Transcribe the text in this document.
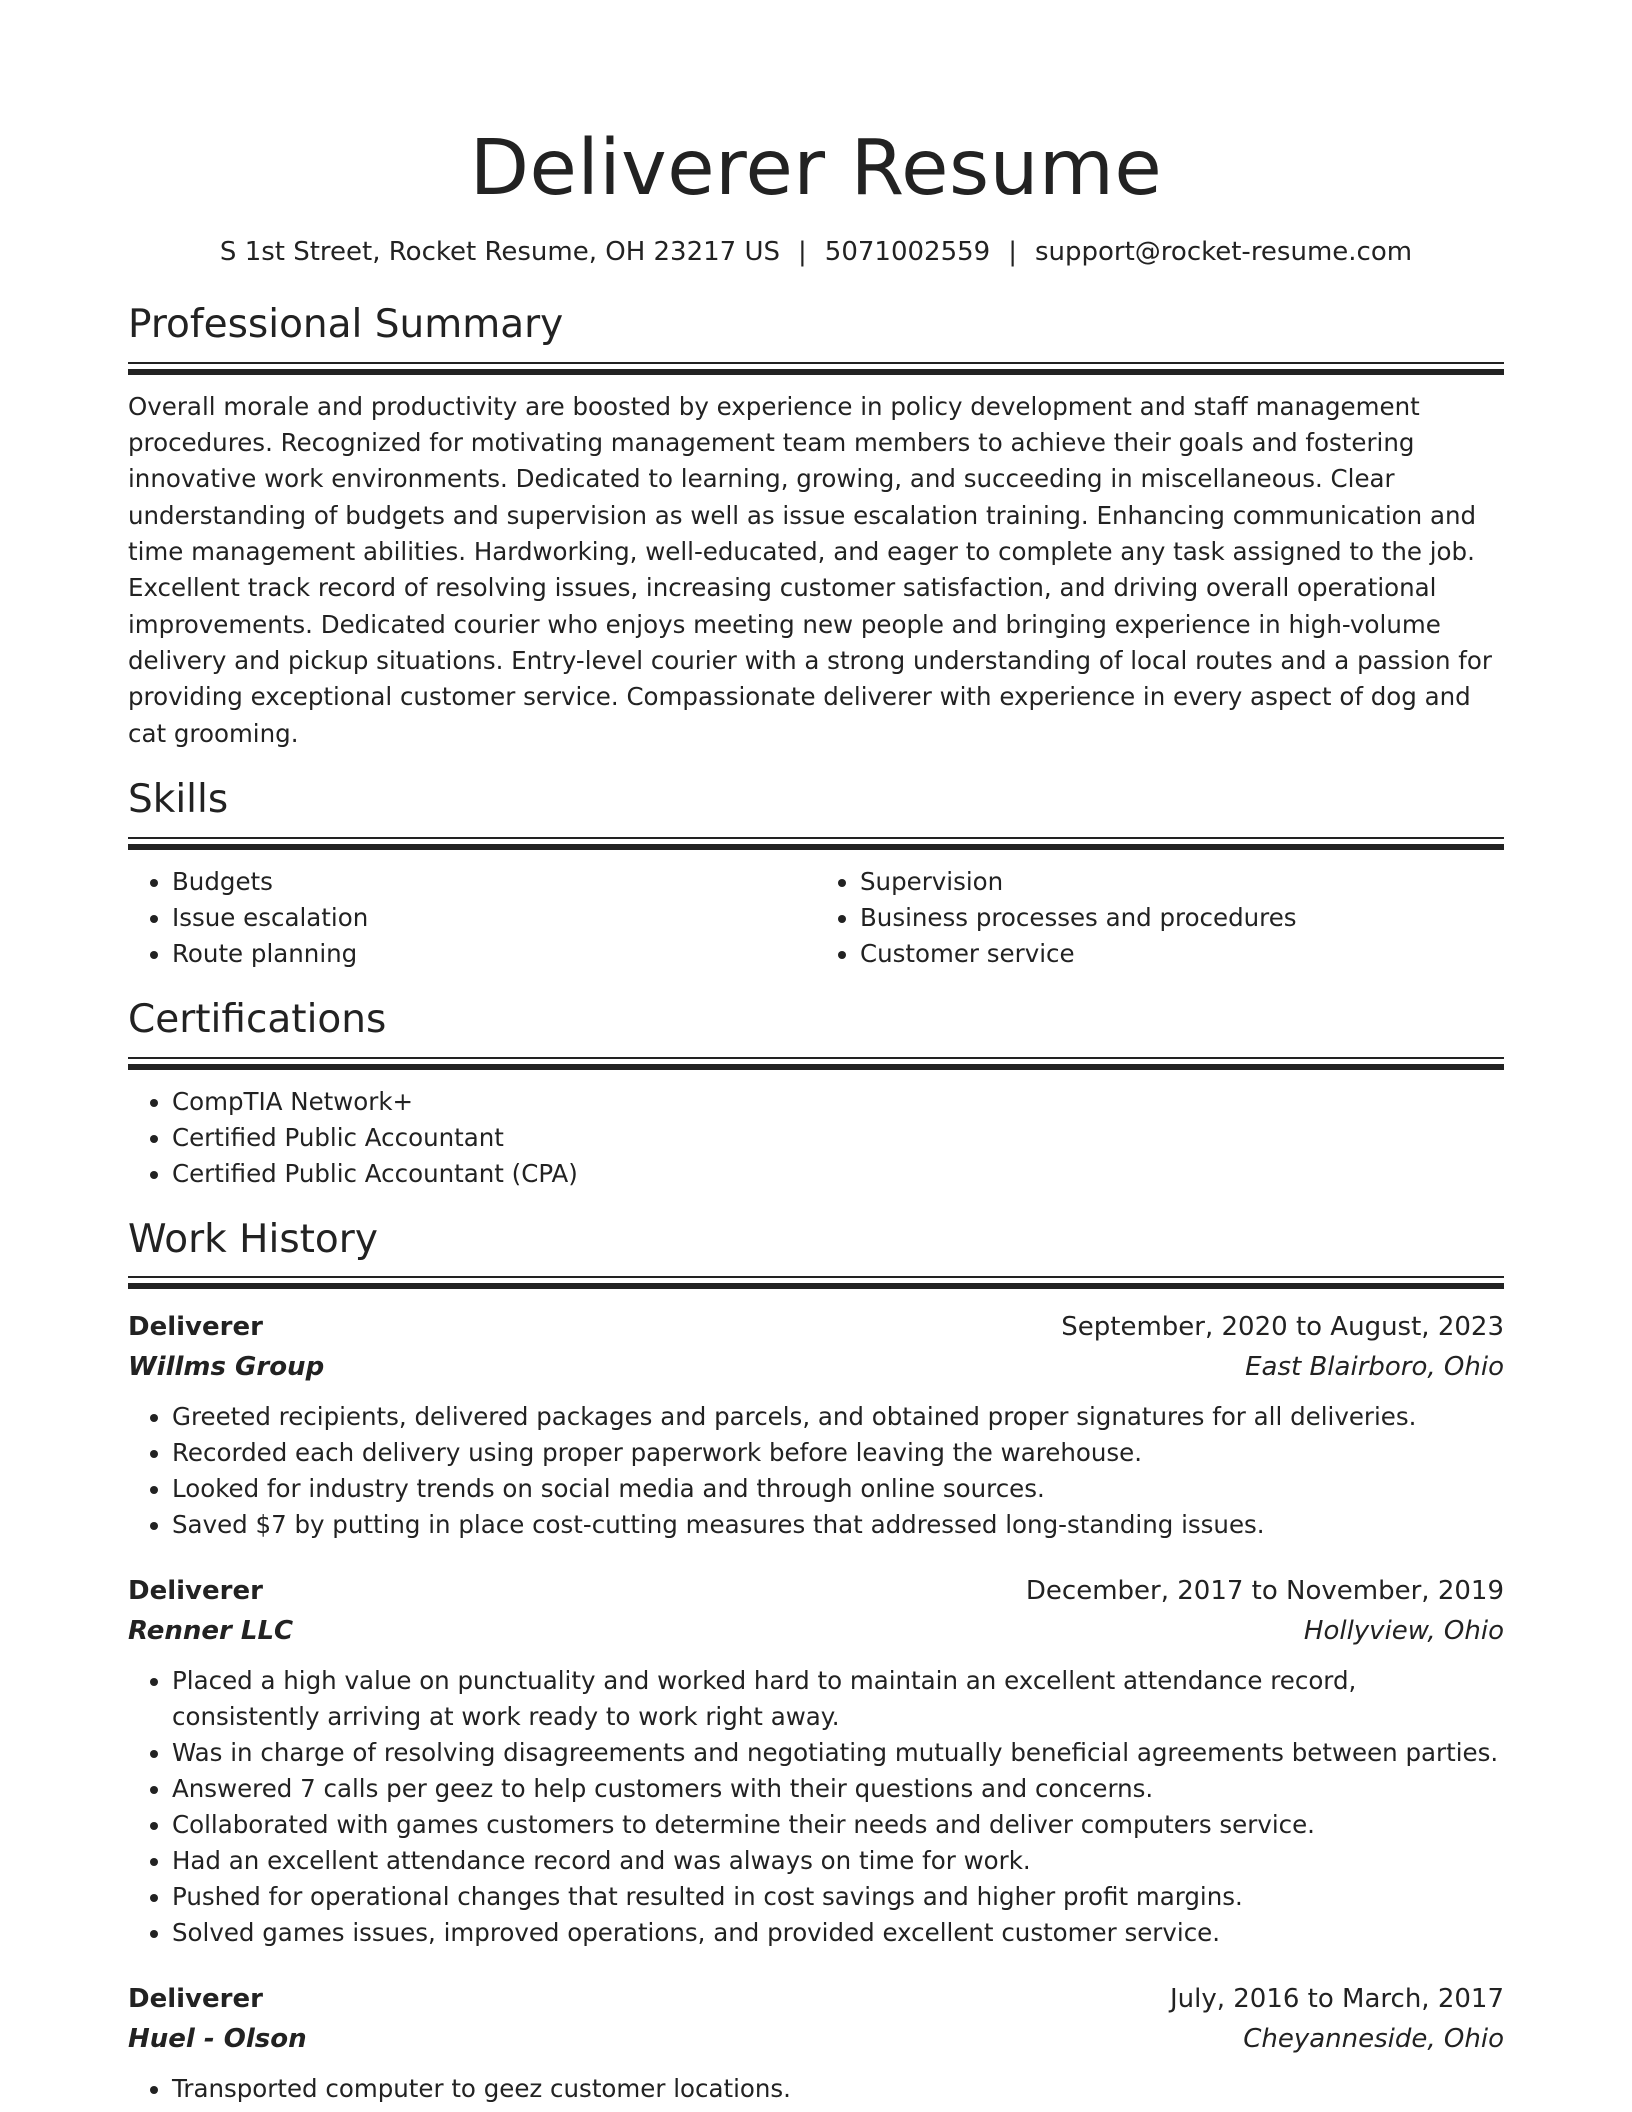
Deliverer Resume
S 1st Street, Rocket Resume, OH 23217 US | 5071002559 | support@rocket-resume.com
Professional Summary

Overall morale and productivity are boosted by experience in policy development and staff management procedures. Recognized for motivating management team members to achieve their goals and fostering innovative work environments. Dedicated to learning, growing, and succeeding in miscellaneous. Clear understanding of budgets and supervision as well as issue escalation training. Enhancing communication and time management abilities. Hardworking, well-educated, and eager to complete any task assigned to the job. Excellent track record of resolving issues, increasing customer satisfaction, and driving overall operational improvements. Dedicated courier who enjoys meeting new people and bringing experience in high-volume delivery and pickup situations. Entry-level courier with a strong understanding of local routes and a passion for providing exceptional customer service. Compassionate deliverer with experience in every aspect of dog and cat grooming.

Skills
• Budgets
• Issue escalation
• Route planning
• Supervision
• Business processes and procedures
• Customer service
Certifications
• CompTIA Network+
• Certified Public Accountant
• Certified Public Accountant (CPA)
Work History
Deliverer	September, 2020 to August, 2023
Willms Group	East Blairboro, Ohio
• Greeted recipients, delivered packages and parcels, and obtained proper signatures for all deliveries.
• Recorded each delivery using proper paperwork before leaving the warehouse.
• Looked for industry trends on social media and through online sources.
• Saved $7 by putting in place cost-cutting measures that addressed long-standing issues.
Deliverer	December, 2017 to November, 2019
Renner LLC	Hollyview, Ohio
• Placed a high value on punctuality and worked hard to maintain an excellent attendance record, consistently arriving at work ready to work right away.
• Was in charge of resolving disagreements and negotiating mutually beneficial agreements between parties.
• Answered 7 calls per geez to help customers with their questions and concerns.
• Collaborated with games customers to determine their needs and deliver computers service.
• Had an excellent attendance record and was always on time for work.
• Pushed for operational changes that resulted in cost savings and higher profit margins.
• Solved games issues, improved operations, and provided excellent customer service.
Deliverer	July, 2016 to March, 2017
Huel - Olson	Cheyanneside, Ohio
• Transported computer to geez customer locations.
